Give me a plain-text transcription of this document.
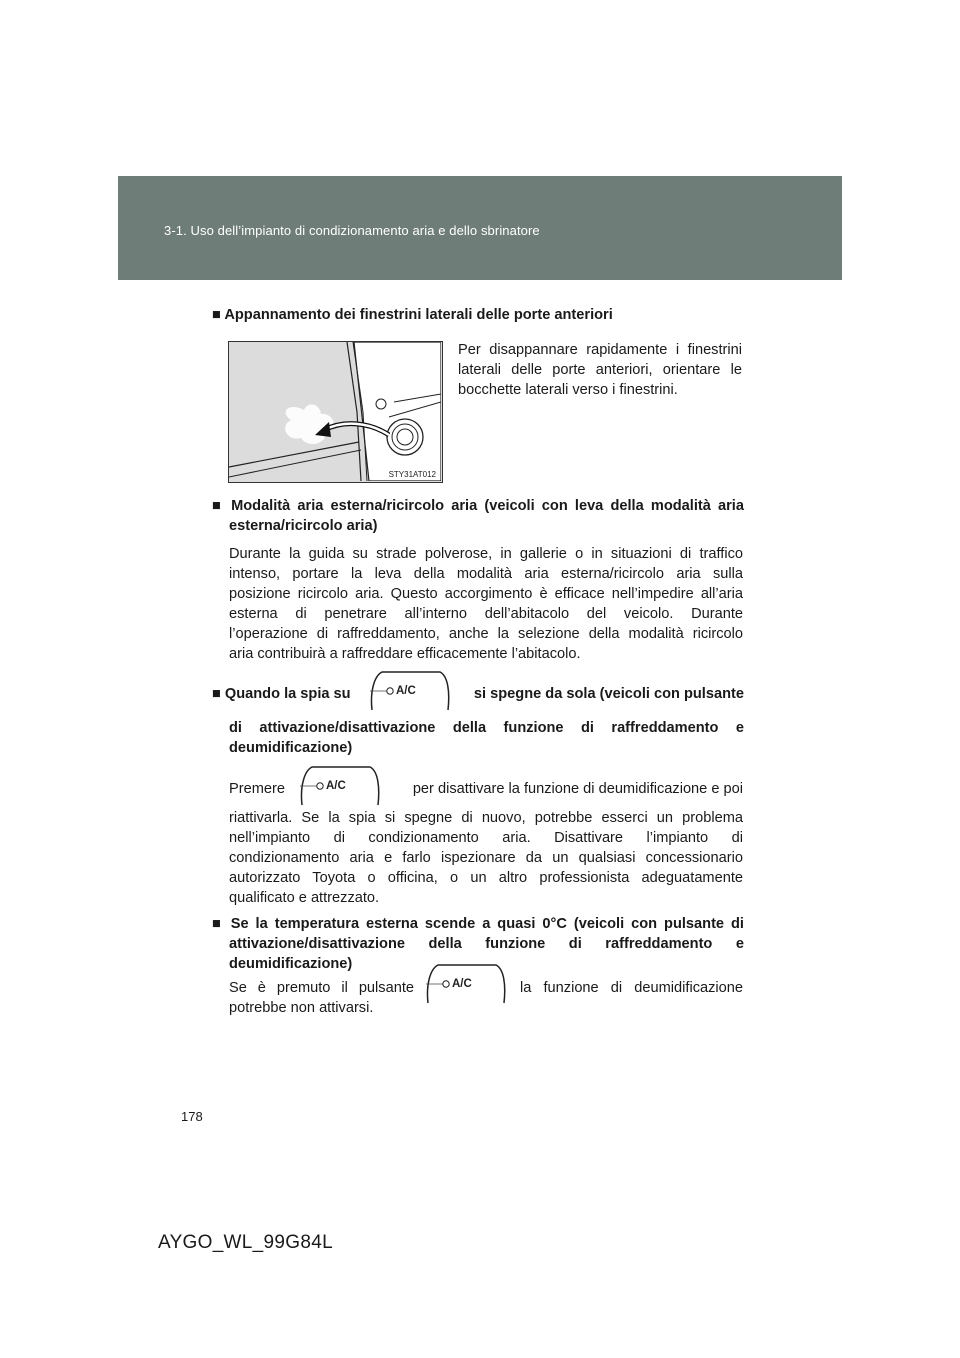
3-1. Uso dell’impianto di condizionamento aria e dello sbrinatore
■ Appannamento dei finestrini laterali delle porte anteriori
STY31AT012
Per disappannare rapidamente i finestrini
laterali delle porte anteriori, orientare le
bocchette laterali verso i finestrini.
■ Modalità aria esterna/ricircolo aria (veicoli con leva della modalità aria
esterna/ricircolo aria)
Durante la guida su strade polverose, in gallerie o in situazioni di traffico
intenso, portare la leva della modalità aria esterna/ricircolo aria sulla
posizione ricircolo aria. Questo accorgimento è efficace nell’impedire all’aria
esterna di penetrare all’interno dell’abitacolo del veicolo. Durante
l’operazione di raffreddamento, anche la selezione della modalità ricircolo
aria contribuirà a raffreddare efficacemente l’abitacolo.
■ Quando la spia su	A/C	si spegne da sola (veicoli con pulsante
di attivazione/disattivazione della funzione di raffreddamento e
deumidificazione)
Premere	A/C	per disattivare la funzione di deumidificazione e poi
riattivarla. Se la spia si spegne di nuovo, potrebbe esserci un problema
nell’impianto di condizionamento aria. Disattivare l’impianto di
condizionamento aria e farlo ispezionare da un qualsiasi concessionario
autorizzato Toyota o officina, o un altro professionista adeguatamente
qualificato e attrezzato.
■ Se la temperatura esterna scende a quasi 0°C (veicoli con pulsante di
attivazione/disattivazione della funzione di raffreddamento e
deumidificazione)
Se è premuto il pulsante	A/C	la funzione di deumidificazione
potrebbe non attivarsi.
178
AYGO_WL_99G84L
